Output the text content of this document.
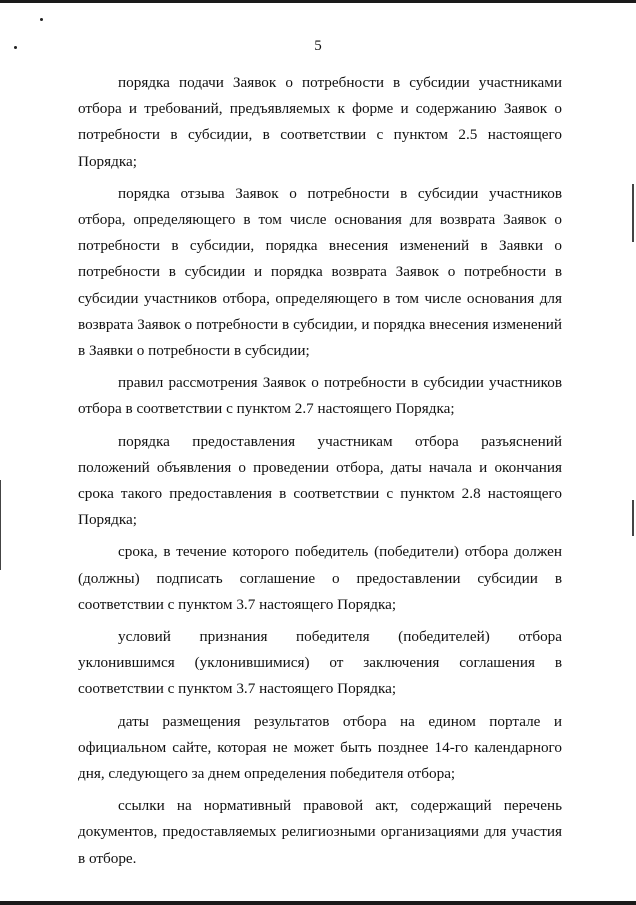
5

порядка подачи Заявок о потребности в субсидии участниками отбора и требований, предъявляемых к форме и содержанию Заявок о потребности в субсидии, в соответствии с пунктом 2.5 настоящего Порядка;

порядка отзыва Заявок о потребности в субсидии участников отбора, определяющего в том числе основания для возврата Заявок о потребности в субсидии, порядка внесения изменений в Заявки о потребности в субсидии и порядка возврата Заявок о потребности в субсидии участников отбора, определяющего в том числе основания для возврата Заявок о потребности в субсидии, и порядка внесения изменений в Заявки о потребности в субсидии;

правил рассмотрения Заявок о потребности в субсидии участников отбора в соответствии с пунктом 2.7 настоящего Порядка;

порядка предоставления участникам отбора разъяснений положений объявления о проведении отбора, даты начала и окончания срока такого предоставления в соответствии с пунктом 2.8 настоящего Порядка;

срока, в течение которого победитель (победители) отбора должен (должны) подписать соглашение о предоставлении субсидии в соответствии с пунктом 3.7 настоящего Порядка;

условий признания победителя (победителей) отбора уклонившимся (уклонившимися) от заключения соглашения в соответствии с пунктом 3.7 настоящего Порядка;

даты размещения результатов отбора на едином портале и официальном сайте, которая не может быть позднее 14-го календарного дня, следующего за днем определения победителя отбора;

ссылки на нормативный правовой акт, содержащий перечень документов, предоставляемых религиозными организациями для участия в отборе.
